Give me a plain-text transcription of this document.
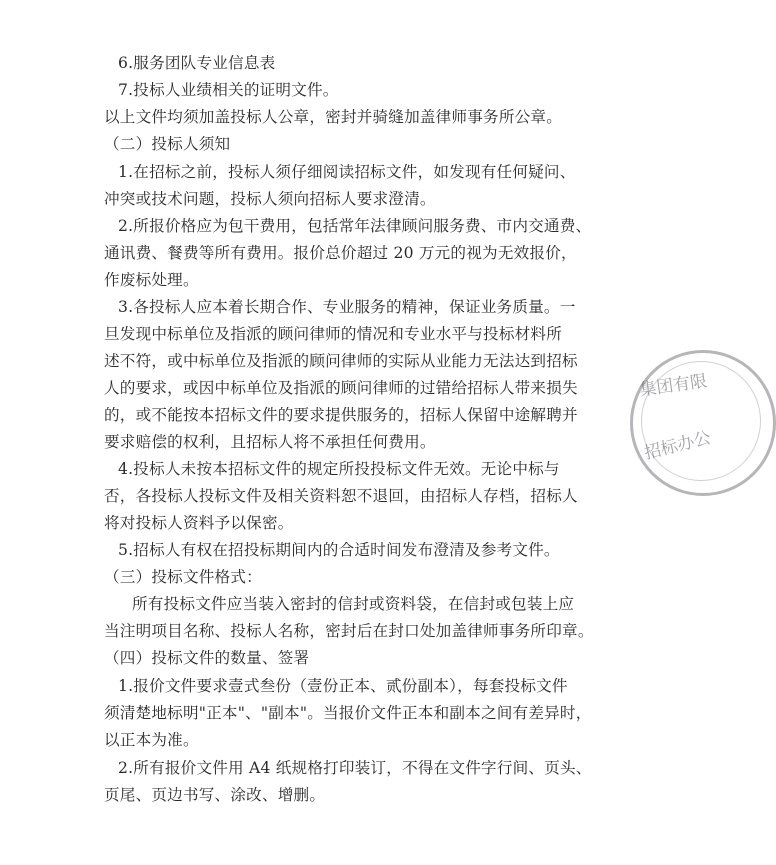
6.服务团队专业信息表
7.投标人业绩相关的证明文件。
以上文件均须加盖投标人公章，密封并骑缝加盖律师事务所公章。
（二）投标人须知
1.在招标之前，投标人须仔细阅读招标文件，如发现有任何疑问、
冲突或技术问题，投标人须向招标人要求澄清。
2.所报价格应为包干费用，包括常年法律顾问服务费、市内交通费、
通讯费、餐费等所有费用。报价总价超过 20 万元的视为无效报价，
作废标处理。
3.各投标人应本着长期合作、专业服务的精神，保证业务质量。一
旦发现中标单位及指派的顾问律师的情况和专业水平与投标材料所
述不符，或中标单位及指派的顾问律师的实际从业能力无法达到招标
人的要求，或因中标单位及指派的顾问律师的过错给招标人带来损失
的，或不能按本招标文件的要求提供服务的，招标人保留中途解聘并
要求赔偿的权利，且招标人将不承担任何费用。
4.投标人未按本招标文件的规定所投投标文件无效。无论中标与
否，各投标人投标文件及相关资料恕不退回，由招标人存档，招标人
将对投标人资料予以保密。
5.招标人有权在招投标期间内的合适时间发布澄清及参考文件。
（三）投标文件格式：
所有投标文件应当装入密封的信封或资料袋，在信封或包装上应
当注明项目名称、投标人名称，密封后在封口处加盖律师事务所印章。
（四）投标文件的数量、签署
1.报价文件要求壹式叁份（壹份正本、贰份副本），每套投标文件
须清楚地标明"正本"、"副本"。当报价文件正本和副本之间有差异时，
以正本为准。
2.所有报价文件用 A4 纸规格打印装订，不得在文件字行间、页头、
页尾、页边书写、涂改、增删。
集团有限
招标办公
